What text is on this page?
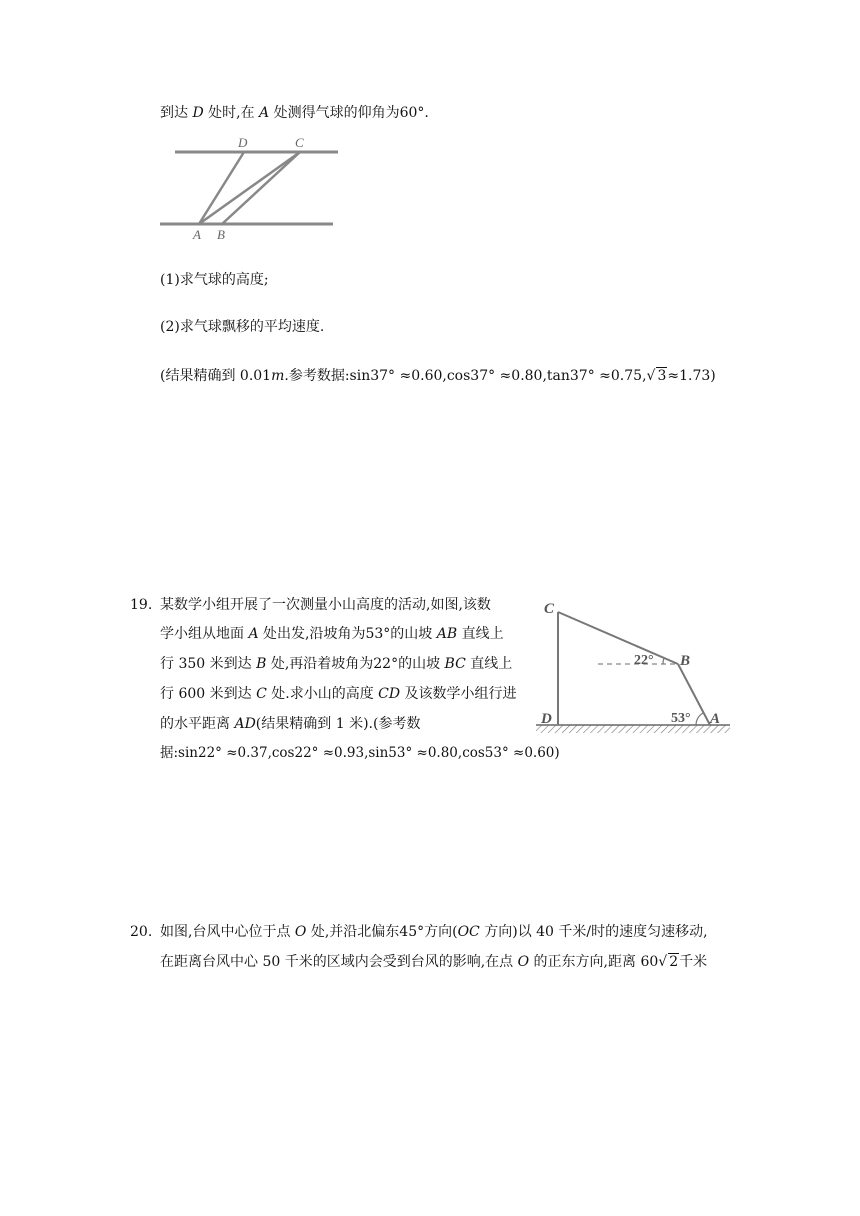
到达 D 处时,在 A 处测得气球的仰角为60°.
D	C
A B
(1)求气球的高度;
(2)求气球飘移的平均速度.
(结果精确到 0.01m.参考数据:sin37° ≈0.60,cos37° ≈0.80,tan37° ≈0.75,√ 3≈1.73)
19. 某数学小组开展了一次测量小山高度的活动,如图,该数
学小组从地面 A 处出发,沿坡角为53°的山坡 AB 直线上
行 350 米到达 B 处,再沿着坡角为22°的山坡 BC 直线上
行 600 米到达 C 处.求小山的高度 CD 及该数学小组行进
的水平距离 AD(结果精确到 1 米).(参考数
据:sin22° ≈0.37,cos22° ≈0.93,sin53° ≈0.80,cos53° ≈0.60)
C
B
D	A
22°
53°
20. 如图,台风中心位于点 O 处,并沿北偏东45°方向(OC 方向)以 40 千米/时的速度匀速移动,
在距离台风中心 50 千米的区域内会受到台风的影响,在点 O 的正东方向,距离 60√ 2千米
